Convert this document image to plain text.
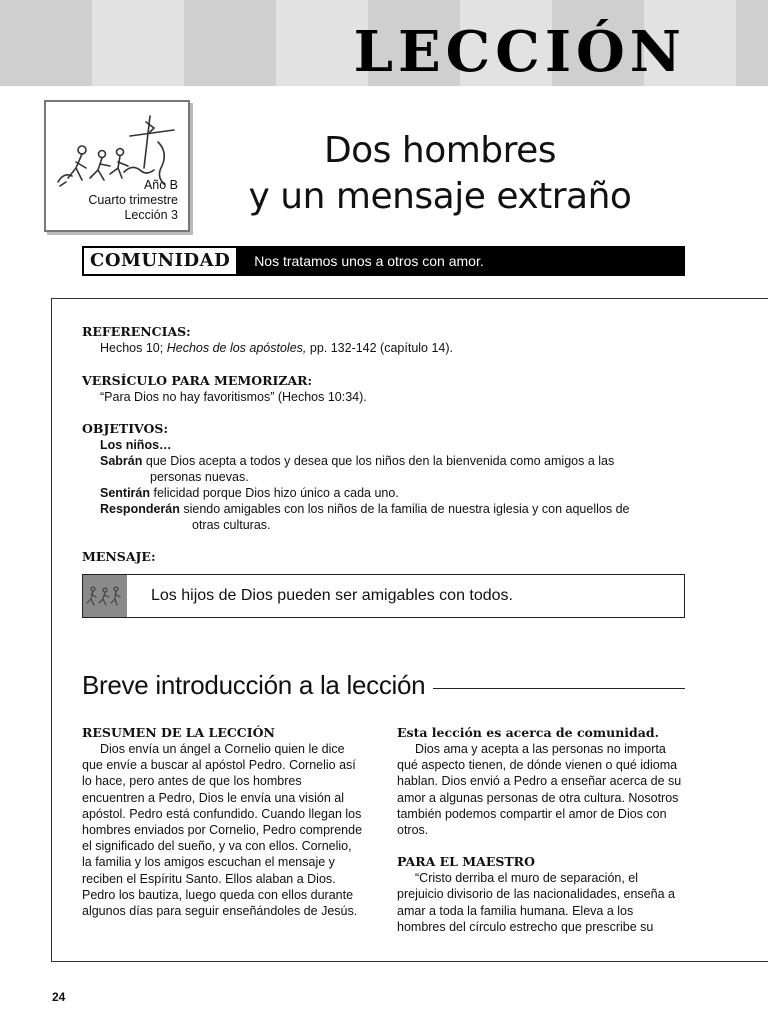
LECCIÓN
Año B
Cuarto trimestre
Lección 3
Dos hombres
y un mensaje extraño
COMUNIDAD	Nos tratamos unos a otros con amor.
REFERENCIAS:
Hechos 10; Hechos de los apóstoles, pp. 132-142 (capítulo 14).
VERSÍCULO PARA MEMORIZAR:
“Para Dios no hay favoritismos” (Hechos 10:34).
OBJETIVOS:
Los niños…
Sabrán que Dios acepta a todos y desea que los niños den la bienvenida como amigos a las
personas nuevas.
Sentirán felicidad porque Dios hizo único a cada uno.
Responderán siendo amigables con los niños de la familia de nuestra iglesia y con aquellos de
otras culturas.
MENSAJE:
Los hijos de Dios pueden ser amigables con todos.
Breve introducción a la lección
RESUMEN DE LA LECCIÓN

Dios envía un ángel a Cornelio quien le dice que envíe a buscar al apóstol Pedro. Cornelio así lo hace, pero antes de que los hombres encuentren a Pedro, Dios le envía una visión al apóstol. Pedro está confundido. Cuando llegan los hombres enviados por Cornelio, Pedro comprende el significado del sueño, y va con ellos. Cornelio, la familia y los amigos escuchan el mensaje y reciben el Espíritu Santo. Ellos alaban a Dios. Pedro los bautiza, luego queda con ellos durante algunos días para seguir enseñándoles de Jesús.

Esta lección es acerca de comunidad.

Dios ama y acepta a las personas no importa qué aspecto tienen, de dónde vienen o qué idioma hablan. Dios envió a Pedro a enseñar acerca de su amor a algunas personas de otra cultura. Nosotros también podemos compartir el amor de Dios con otros.

PARA EL MAESTRO

“Cristo derriba el muro de separación, el prejuicio divisorio de las nacionalidades, enseña a amar a toda la familia humana. Eleva a los hombres del círculo estrecho que prescribe su

24
